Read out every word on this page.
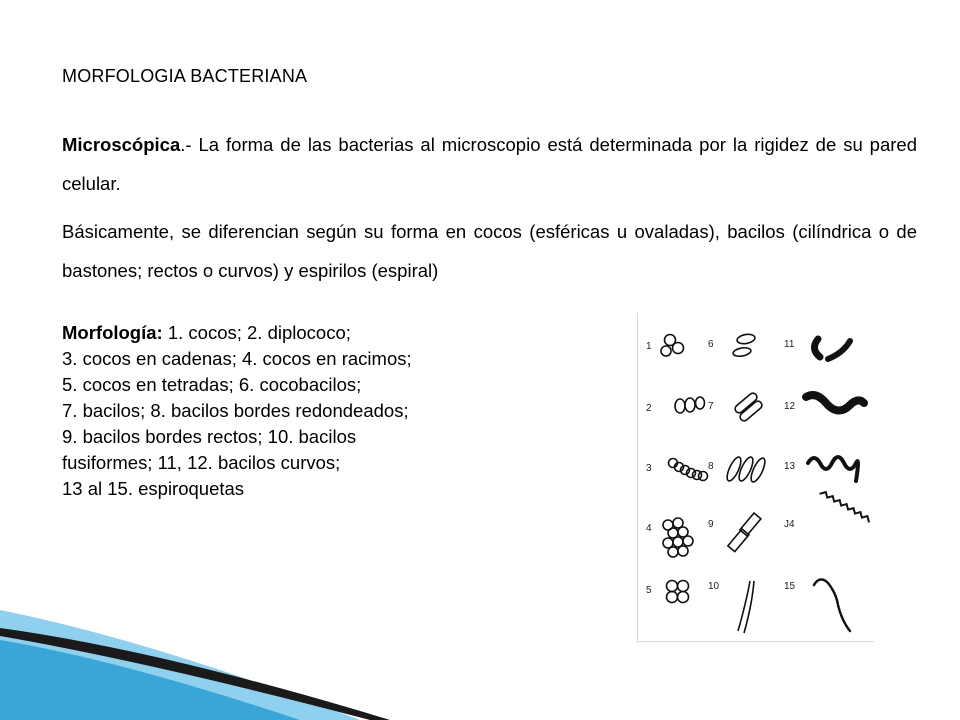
MORFOLOGIA BACTERIANA

Microscópica.- La forma de las bacterias al microscopio está determinada por la rigidez de su pared celular.

Básicamente, se diferencian según su forma en cocos (esféricas u ovaladas), bacilos (cilíndrica o de bastones; rectos o curvos) y espirilos (espiral)

Morfología: 1. cocos; 2. diplococo;
3. cocos en cadenas; 4. cocos en racimos;
5. cocos en tetradas; 6. cocobacilos;
7. bacilos; 8. bacilos bordes redondeados;
9. bacilos bordes rectos; 10. bacilos
fusiformes; 11, 12. bacilos curvos;
13 al 15. espiroquetas
1
2
3
4
5
6
7
8
9
10
11
12
13
J4
15
